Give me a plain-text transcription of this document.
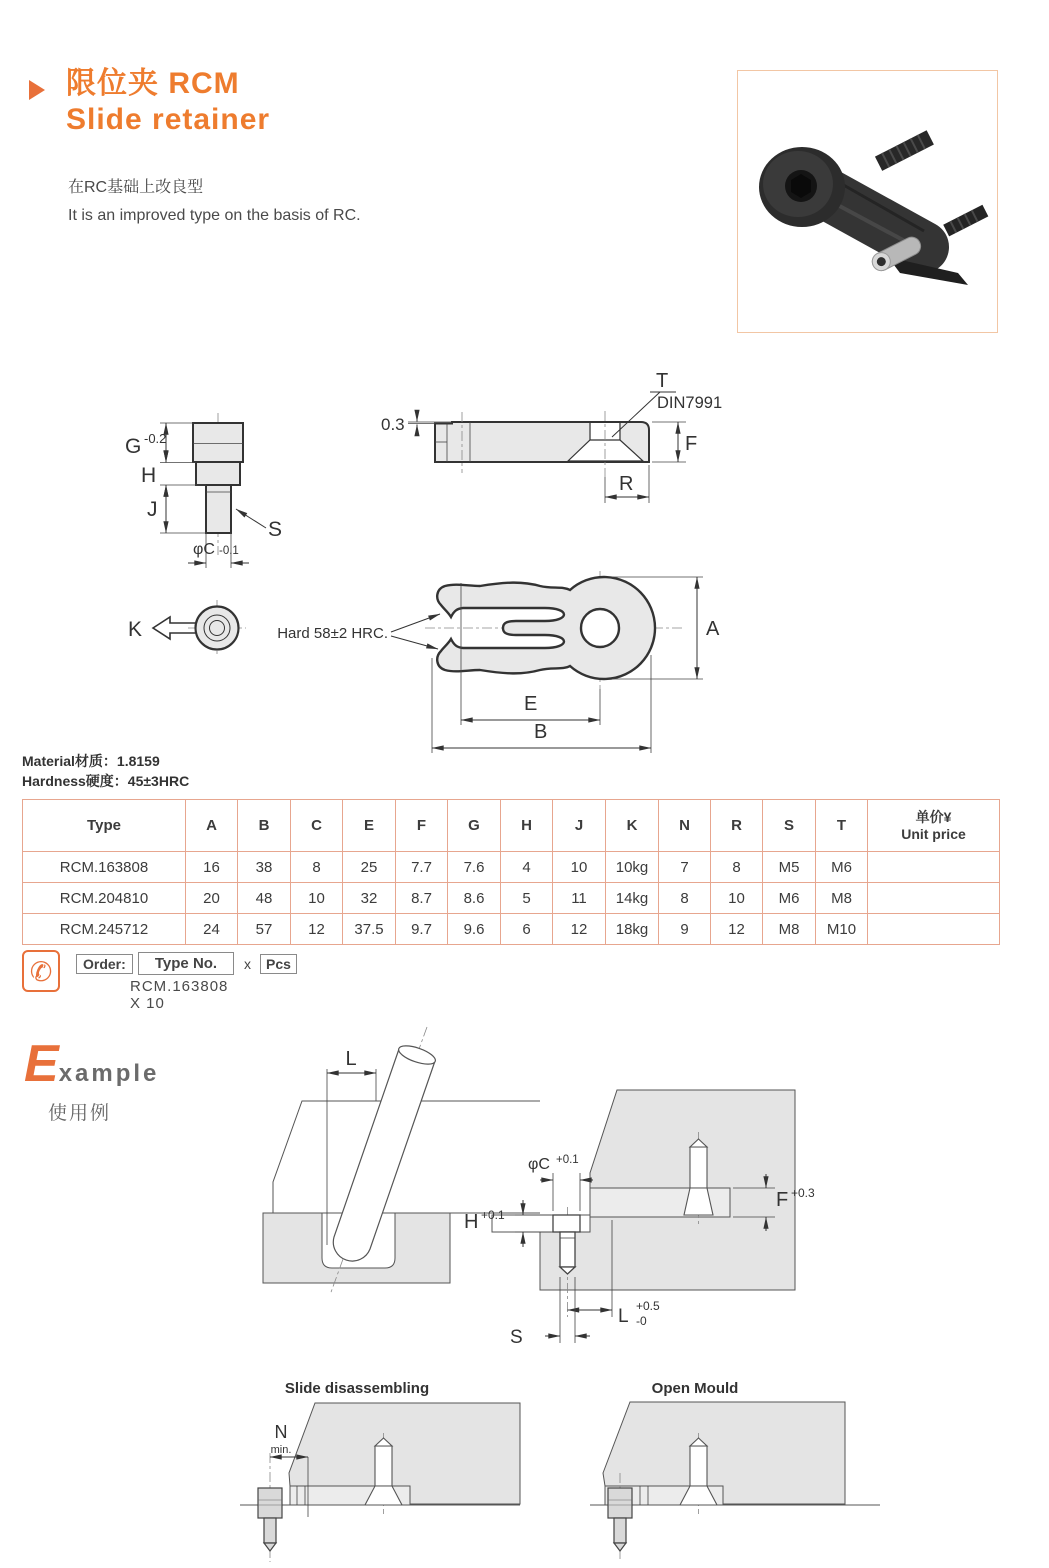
限位夹 RCM
Slide retainer
在RC基础上改良型
It is an improved type on the basis of RC.
G -0.2
H
J
S
φC -0.1
0.3
T
DIN7991
F
R
K	Hard 58±2 HRC.
E
B
A
Material材质：1.8159
Hardness硬度：45±3HRC
Type	A	B	C	E	F	G	H	J	K	N	R	S	T	单价¥
Unit price

RCM.163808	16	38	8	25	7.7	7.6	4	10	10kg	7	8	M5	M6	
RCM.204810	20	48	10	32	8.7	8.6	5	11	14kg	8	10	M6	M8	
RCM.245712	24	57	12	37.5	9.7	9.6	6	12	18kg	9	12	M8	M10	
✆	Order:	Type No.	x	Pcs
RCM.163808 X 10
Example
使用例
L
φC +0.1
H +0.1
F +0.3
L +0.5
-0
S
Slide disassembling
N
min.
Open Mould
